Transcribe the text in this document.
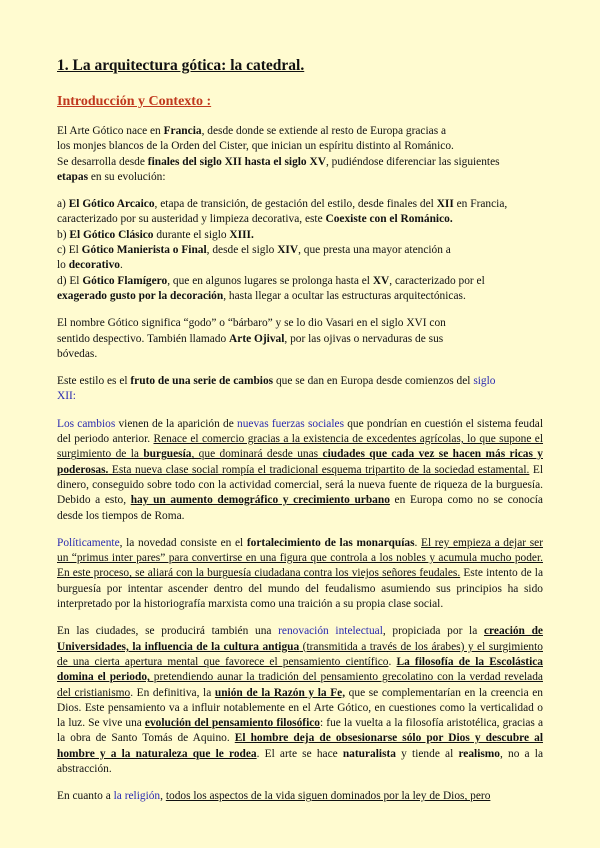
1. La arquitectura gótica: la catedral.
Introducción y Contexto :

El Arte Gótico nace en Francia, desde donde se extiende al resto de Europa gracias a
los monjes blancos de la Orden del Cister, que inician un espíritu distinto al Románico.
Se desarrolla desde finales del siglo XII hasta el siglo XV, pudiéndose diferenciar las siguientes
etapas en su evolución:

a) El Gótico Arcaico, etapa de transición, de gestación del estilo, desde finales del XII en Francia,
caracterizado por su austeridad y limpieza decorativa, este Coexiste con el Románico.
b) El Gótico Clásico durante el siglo XIII.
c) El Gótico Manierista o Final, desde el siglo XIV, que presta una mayor atención a
lo decorativo.
d) El Gótico Flamígero, que en algunos lugares se prolonga hasta el XV, caracterizado por el
exagerado gusto por la decoración, hasta llegar a ocultar las estructuras arquitectónicas.

El nombre Gótico significa “godo” o “bárbaro” y se lo dio Vasari en el siglo XVI con
sentido despectivo. También llamado Arte Ojival, por las ojivas o nervaduras de sus
bóvedas.

Este estilo es el fruto de una serie de cambios que se dan en Europa desde comienzos del siglo
XII:

Los cambios vienen de la aparición de nuevas fuerzas sociales que pondrían en cuestión el sistema feudal del periodo anterior. Renace el comercio gracias a la existencia de excedentes agrícolas, lo que supone el surgimiento de la burguesía, que dominará desde unas ciudades que cada vez se hacen más ricas y poderosas. Esta nueva clase social rompía el tradicional esquema tripartito de la sociedad estamental. El dinero, conseguido sobre todo con la actividad comercial, será la nueva fuente de riqueza de la burguesía. Debido a esto, hay un aumento demográfico y crecimiento urbano en Europa como no se conocía desde los tiempos de Roma.

Políticamente, la novedad consiste en el fortalecimiento de las monarquías. El rey empieza a dejar ser un “primus inter pares” para convertirse en una figura que controla a los nobles y acumula mucho poder. En este proceso, se aliará con la burguesía ciudadana contra los viejos señores feudales. Este intento de la burguesía por intentar ascender dentro del mundo del feudalismo asumiendo sus principios ha sido interpretado por la historiografía marxista como una traición a su propia clase social.

En las ciudades, se producirá también una renovación intelectual, propiciada por la creación de Universidades, la influencia de la cultura antigua (transmitida a través de los árabes) y el surgimiento de una cierta apertura mental que favorece el pensamiento científico. La filosofía de la Escolástica domina el periodo, pretendiendo aunar la tradición del pensamiento grecolatino con la verdad revelada del cristianismo. En definitiva, la unión de la Razón y la Fe, que se complementarían en la creencia en Dios. Este pensamiento va a influir notablemente en el Arte Gótico, en cuestiones como la verticalidad o la luz. Se vive una evolución del pensamiento filosófico: fue la vuelta a la filosofía aristotélica, gracias a la obra de Santo Tomás de Aquino. El hombre deja de obsesionarse sólo por Dios y descubre al hombre y a la naturaleza que le rodea. El arte se hace naturalista y tiende al realismo, no a la abstracción.

En cuanto a la religión, todos los aspectos de la vida siguen dominados por la ley de Dios, pero
